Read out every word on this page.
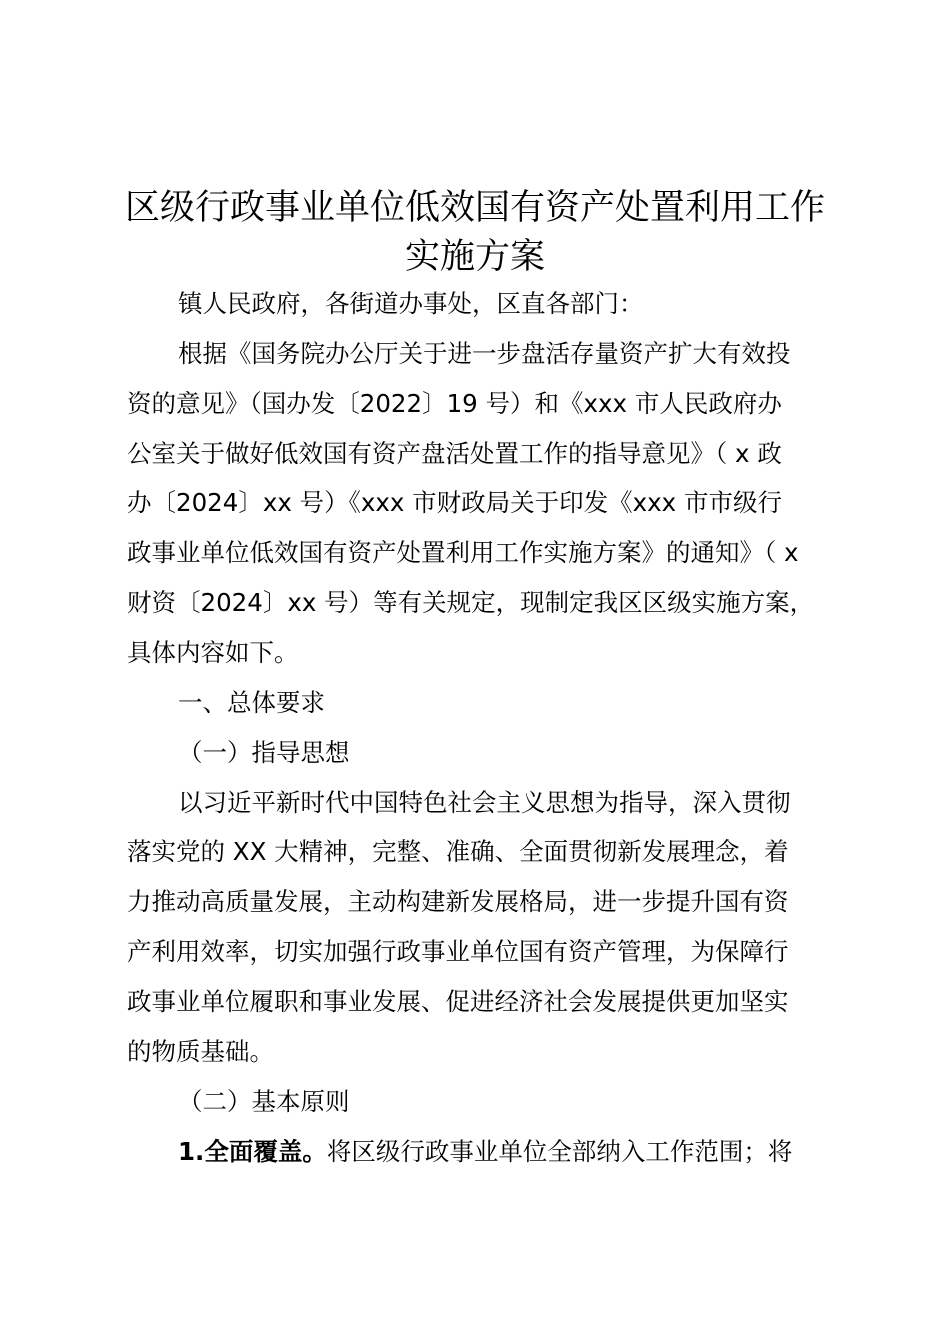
区级行政事业单位低效国有资产处置利用工作
实施方案
镇人民政府，各街道办事处，区直各部门：
根据《国务院办公厅关于进一步盘活存量资产扩大有效投
资的意见》（国办发〔2022〕19 号）和《xxx 市人民政府办
公室关于做好低效国有资产盘活处置工作的指导意见》（ x 政
办〔2024〕xx 号）《xxx 市财政局关于印发《xxx 市市级行
政事业单位低效国有资产处置利用工作实施方案》的通知》（ x
财资〔2024〕xx 号）等有关规定，现制定我区区级实施方案，
具体内容如下。
一、总体要求
（一）指导思想
以习近平新时代中国特色社会主义思想为指导，深入贯彻
落实党的 XX 大精神，完整、准确、全面贯彻新发展理念，着
力推动高质量发展，主动构建新发展格局，进一步提升国有资
产利用效率，切实加强行政事业单位国有资产管理，为保障行
政事业单位履职和事业发展、促进经济社会发展提供更加坚实
的物质基础。
（二）基本原则
1.全面覆盖。将区级行政事业单位全部纳入工作范围；将
